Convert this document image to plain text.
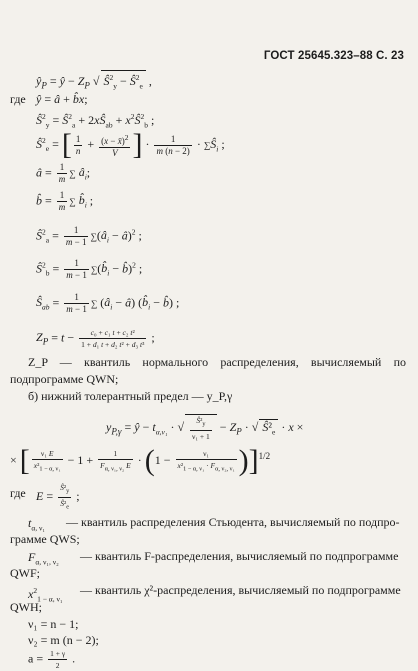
ГОСТ 25645.323–88 С. 23
$ŷ_P$ = ŷ − $Z_P$ √ $Ŝ^2_y$ − $Ŝ^2_e$ ,
где ŷ = â + b̂x;
$Ŝ^2_y$ = $Ŝ^2_a$ + $2xŜ_{ab}$ + $x^2Ŝ^2_b$ ;
$Ŝ^2_e$ = [ $\frac{1}{n} + \frac{(x - x̄)^2}{V}$ ] · $\frac{1}{m (n - 2)}$ · $\sum Ŝ_i$ ;
â = $\frac{1}{m}$ ∑ $â_i$;
b̂ = $\frac{1}{m}$ ∑ $b̂_i$ ;
$Ŝ^2_a = \frac{1}{m - 1}$ $\sum(â_i$ − â)$^2$ ;
$Ŝ^2_b = \frac{1}{m - 1}$ $\sum(b̂_i$ − b̂)$^2$ ;
$Ŝ_{ab} = \frac{1}{m - 1}$ ∑ ($â_i$ − â) ($b̂_i$ − b̂) ;
$Z_P = t - \frac{\text{c₀ + c₁ t + c₂ t²}}{\text{1 + d₁ t + d₂ t² + d₃ t³}}$ ;
Z_P — квантиль нормального распределения, вычисляемый по
подпрограмме QWN;
б) нижний толерантный предел — y_P,γ
$y_{P,\gamma}$ = ŷ − $t_{\alpha,\nu_1}$ · √ $\frac{Ŝ^2_y}{\text{ν₁ + 1}} - Z_P$ · √ $Ŝ^2_e \cdot x$ ×
× [ $\frac{\text{ν₁ E}}{x^2_{1 - \alpha, \nu_1}} - 1 + \frac{1}{F_{\alpha, \nu_1, \nu_2} E} \cdot (1 - \frac{\text{ν₁}}{x^2_{1 - \alpha, \nu_1} \cdot F_{\alpha, \nu_2, \nu_1}} )]^{1/2}$
где $E = \frac{Ŝ^2_y}{Ŝ^2_e}$ ;
$t_{\alpha, \nu_1}$ — квантиль распределения Стьюдента, вычисляемый по подпро-
грамме QWS;
$F_{\alpha, \nu_1, \nu_2}$ — квантиль F-распределения, вычисляемый по подпрограмме
QWF;
$x^2_{1 - \alpha, \nu_1}$
— квантиль χ²-распределения, вычисляемый по подпрограмме
QWH;
ν₁ = n − 1;
ν₂ = m (n − 2);
$a = \frac{1 + \gamma}{2}$ .
